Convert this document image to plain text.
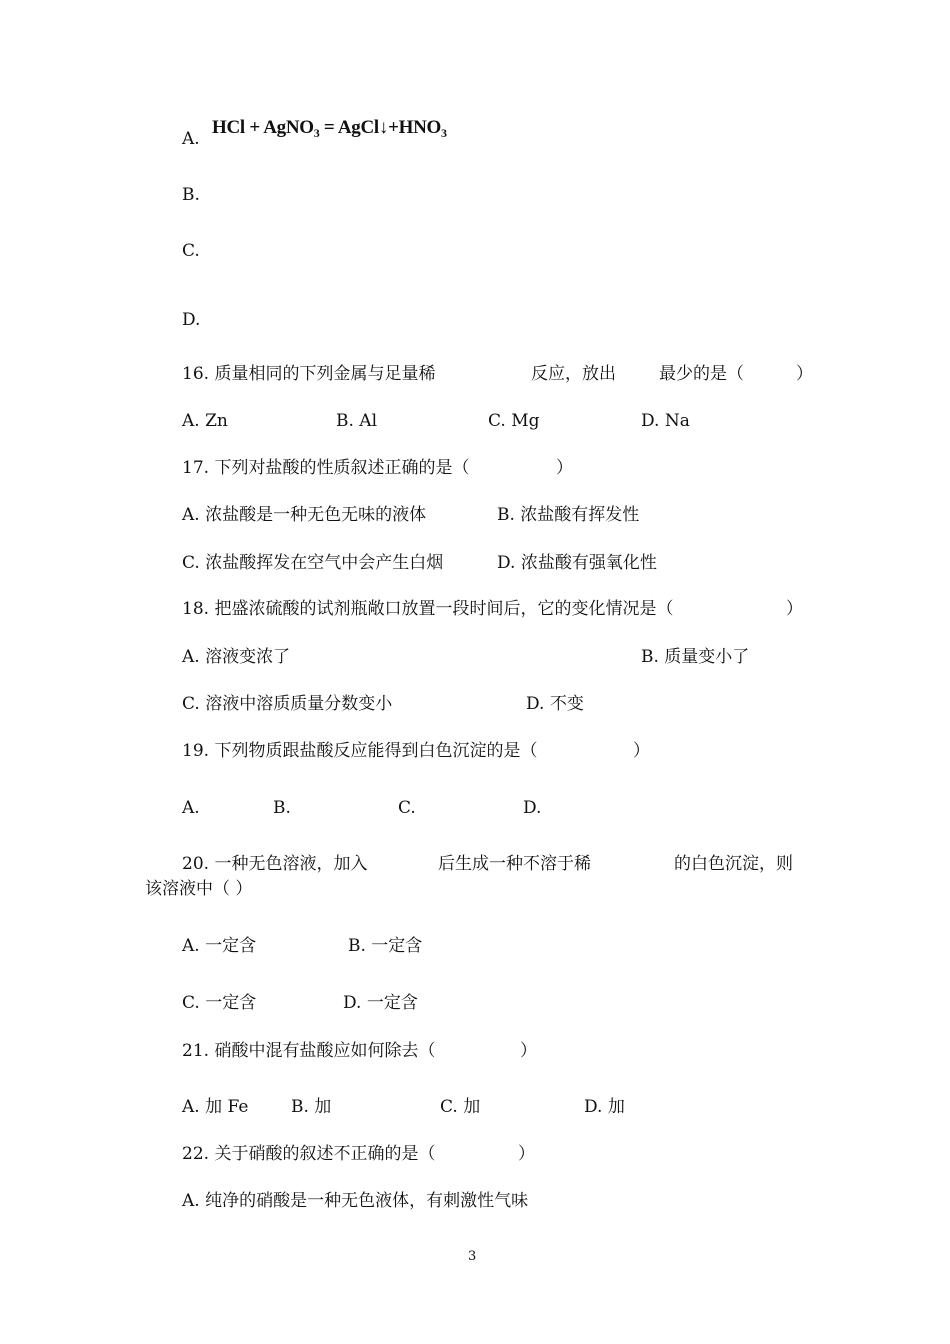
A.
HCl + AgNO$_3$ = $AgCl↓+HNO_3$
B.
C.
D.
16. 质量相同的下列金属与足量稀	反应，放出	最少的是（	）
A. Zn	B. Al	C. Mg	D. Na
17. 下列对盐酸的性质叙述正确的是（	）
A. 浓盐酸是一种无色无味的液体	B. 浓盐酸有挥发性
C. 浓盐酸挥发在空气中会产生白烟	D. 浓盐酸有强氧化性
18. 把盛浓硫酸的试剂瓶敞口放置一段时间后，它的变化情况是（	）
A. 溶液变浓了	B. 质量变小了
C. 溶液中溶质质量分数变小	D. 不变
19. 下列物质跟盐酸反应能得到白色沉淀的是（	）
A.	B.	C.	D.
20. 一种无色溶液，加入	后生成一种不溶于稀	的白色沉淀，则
该溶液中（ ）
A. 一定含	B. 一定含
C. 一定含	D. 一定含
21. 硝酸中混有盐酸应如何除去（	）
A. 加 Fe	B. 加	C. 加	D. 加
22. 关于硝酸的叙述不正确的是（	）
A. 纯净的硝酸是一种无色液体，有刺激性气味
3
